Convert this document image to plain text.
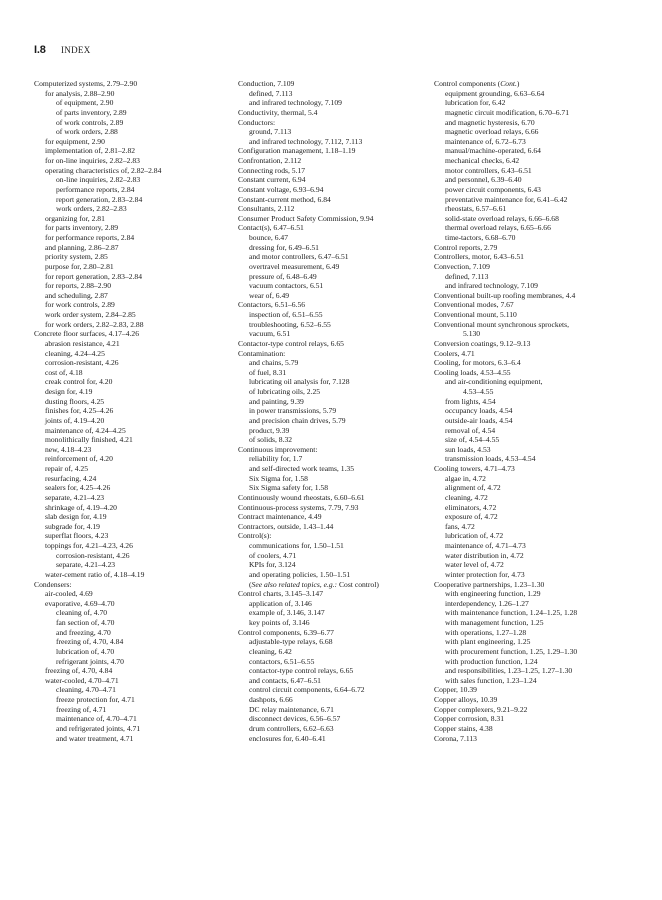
I.8 INDEX
Computerized systems, 2.79–2.90
for analysis, 2.88–2.90
of equipment, 2.90
of parts inventory, 2.89
of work controls, 2.89
of work orders, 2.88
for equipment, 2.90
implementation of, 2.81–2.82
for on-line inquiries, 2.82–2.83
operating characteristics of, 2.82–2.84
on-line inquiries, 2.82–2.83
performance reports, 2.84
report generation, 2.83–2.84
work orders, 2.82–2.83
organizing for, 2.81
for parts inventory, 2.89
for performance reports, 2.84
and planning, 2.86–2.87
priority system, 2.85
purpose for, 2.80–2.81
for report generation, 2.83–2.84
for reports, 2.88–2.90
and scheduling, 2.87
for work controls, 2.89
work order system, 2.84–2.85
for work orders, 2.82–2.83, 2.88
Concrete floor surfaces, 4.17–4.26
abrasion resistance, 4.21
cleaning, 4.24–4.25
corrosion-resistant, 4.26
cost of, 4.18
creak control for, 4.20
design for, 4.19
dusting floors, 4.25
finishes for, 4.25–4.26
joints of, 4.19–4.20
maintenance of, 4.24–4.25
monolithically finished, 4.21
new, 4.18–4.23
reinforcement of, 4.20
repair of, 4.25
resurfacing, 4.24
sealers for, 4.25–4.26
separate, 4.21–4.23
shrinkage of, 4.19–4.20
slab design for, 4.19
subgrade for, 4.19
superflat floors, 4.23
toppings for, 4.21–4.23, 4.26
corrosion-resistant, 4.26
separate, 4.21–4.23
water-cement ratio of, 4.18–4.19
Condensers:
air-cooled, 4.69
evaporative, 4.69–4.70
cleaning of, 4.70
fan section of, 4.70
and freezing, 4.70
freezing of, 4.70, 4.84
lubrication of, 4.70
refrigerant joints, 4.70
freezing of, 4.70, 4.84
water-cooled, 4.70–4.71
cleaning, 4.70–4.71
freeze protection for, 4.71
freezing of, 4.71
maintenance of, 4.70–4.71
and refrigerated joints, 4.71
and water treatment, 4.71
Conduction, 7.109
defined, 7.113
and infrared technology, 7.109
Conductivity, thermal, 5.4
Conductors:
ground, 7.113
and infrared technology, 7.112, 7.113
Configuration management, 1.18–1.19
Confrontation, 2.112
Connecting rods, 5.17
Constant current, 6.94
Constant voltage, 6.93–6.94
Constant-current method, 6.84
Consultants, 2.112
Consumer Product Safety Commission, 9.94
Contact(s), 6.47–6.51
bounce, 6.47
dressing for, 6.49–6.51
and motor controllers, 6.47–6.51
overtravel measurement, 6.49
pressure of, 6.48–6.49
vacuum contactors, 6.51
wear of, 6.49
Contactors, 6.51–6.56
inspection of, 6.51–6.55
troubleshooting, 6.52–6.55
vacuum, 6.51
Contactor-type control relays, 6.65
Contamination:
and chains, 5.79
of fuel, 8.31
lubricating oil analysis for, 7.128
of lubricating oils, 2.25
and painting, 9.39
in power transmissions, 5.79
and precision chain drives, 5.79
product, 9.39
of solids, 8.32
Continuous improvement:
reliability for, 1.7
and self-directed work teams, 1.35
Six Sigma for, 1.58
Six Sigma safety for, 1.58
Continuously wound rheostats, 6.60–6.61
Continuous-process systems, 7.79, 7.93
Contract maintenance, 4.49
Contractors, outside, 1.43–1.44
Control(s):
communications for, 1.50–1.51
of coolers, 4.71
KPIs for, 3.124
and operating policies, 1.50–1.51
(See also related topics, e.g.: Cost control)
Control charts, 3.145–3.147
application of, 3.146
example of, 3.146, 3.147
key points of, 3.146
Control components, 6.39–6.77
adjustable-type relays, 6.68
cleaning, 6.42
contactors, 6.51–6.55
contactor-type control relays, 6.65
and contacts, 6.47–6.51
control circuit components, 6.64–6.72
dashpots, 6.66
DC relay maintenance, 6.71
disconnect devices, 6.56–6.57
drum controllers, 6.62–6.63
enclosures for, 6.40–6.41
Control components (Cont.)
equipment grounding, 6.63–6.64
lubrication for, 6.42
magnetic circuit modification, 6.70–6.71
and magnetic hysteresis, 6.70
magnetic overload relays, 6.66
maintenance of, 6.72–6.73
manual/machine-operated, 6.64
mechanical checks, 6.42
motor controllers, 6.43–6.51
and personnel, 6.39–6.40
power circuit components, 6.43
preventative maintenance for, 6.41–6.42
rheostats, 6.57–6.61
solid-state overload relays, 6.66–6.68
thermal overload relays, 6.65–6.66
time-tactors, 6.68–6.70
Control reports, 2.79
Controllers, motor, 6.43–6.51
Convection, 7.109
defined, 7.113
and infrared technology, 7.109
Conventional built-up roofing membranes, 4.4
Conventional modes, 7.67
Conventional mount, 5.110
Conventional mount synchronous sprockets,
5.130
Conversion coatings, 9.12–9.13
Coolers, 4.71
Cooling, for motors, 6.3–6.4
Cooling loads, 4.53–4.55
and air-conditioning equipment,
4.53–4.55
from lights, 4.54
occupancy loads, 4.54
outside-air loads, 4.54
removal of, 4.54
size of, 4.54–4.55
sun loads, 4.53
transmission loads, 4.53–4.54
Cooling towers, 4.71–4.73
algae in, 4.72
alignment of, 4.72
cleaning, 4.72
eliminators, 4.72
exposure of, 4.72
fans, 4.72
lubrication of, 4.72
maintenance of, 4.71–4.73
water distribution in, 4.72
water level of, 4.72
winter protection for, 4.73
Cooperative partnerships, 1.23–1.30
with engineering function, 1.29
interdependency, 1.26–1.27
with maintenance function, 1.24–1.25, 1.28
with management function, 1.25
with operations, 1.27–1.28
with plant engineering, 1.25
with procurement function, 1.25, 1.29–1.30
with production function, 1.24
and responsibilities, 1.23–1.25, 1.27–1.30
with sales function, 1.23–1.24
Copper, 10.39
Copper alloys, 10.39
Copper complexers, 9.21–9.22
Copper corrosion, 8.31
Copper stains, 4.38
Corona, 7.113
